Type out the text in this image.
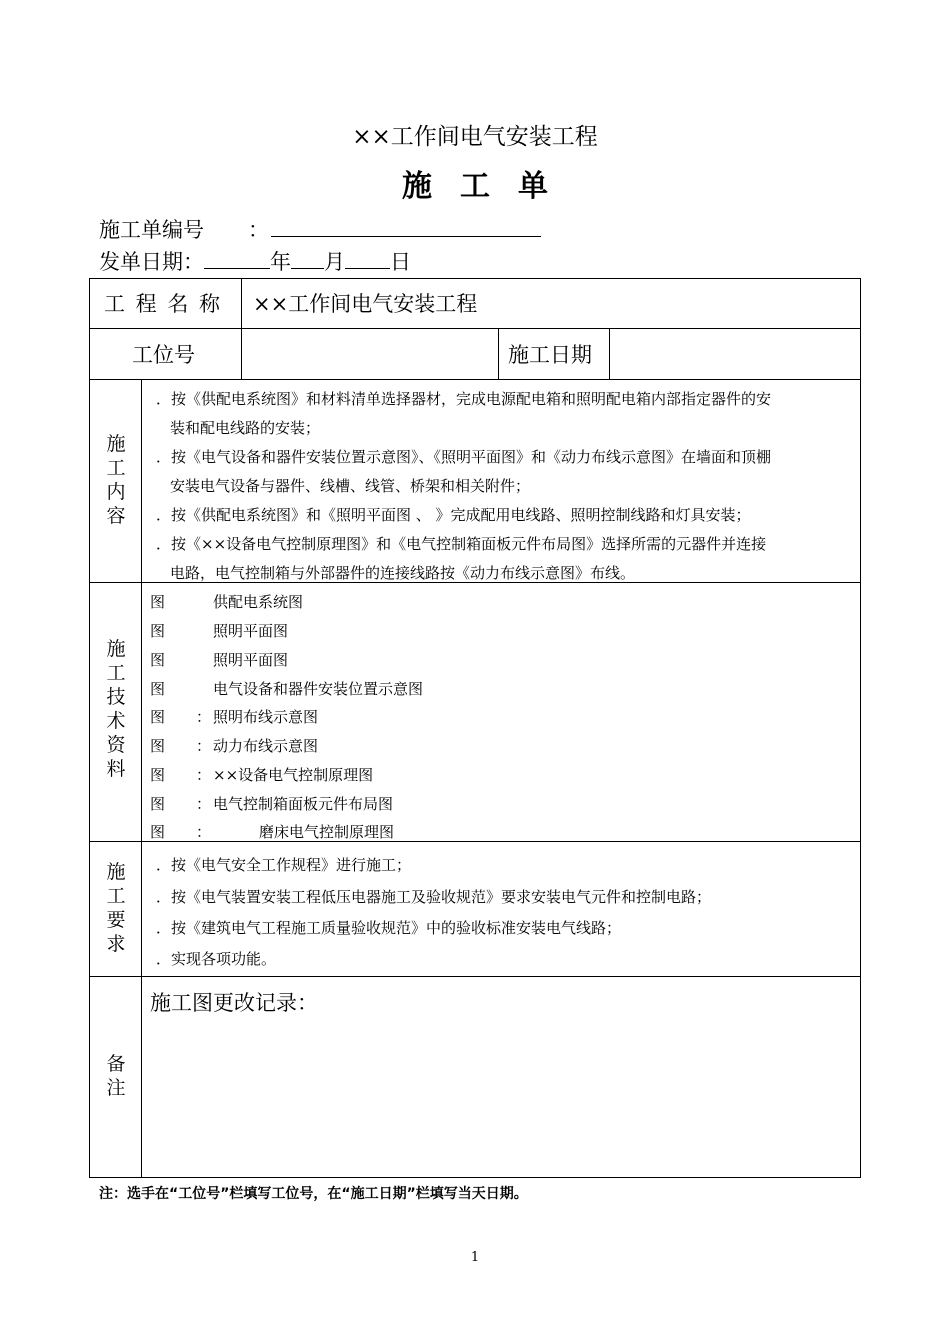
××工作间电气安装工程
施工单
施工单编号 ：
发单日期：	年 月 日
工 程 名 称 ××工作间电气安装工程
工位号	施工日期
施
工
内
容
．按《供配电系统图》和材料清单选择器材，完成电源配电箱和照明配电箱内部指定器件的安
装和配电线路的安装；
．按《电气设备和器件安装位置示意图》、《照明平面图》和《动力布线示意图》在墙面和顶棚
安装电气设备与器件、线槽、线管、桥架和相关附件；
．按《供配电系统图》和《照明平面图 、 》完成配用电线路、照明控制线路和灯具安装；
．按《××设备电气控制原理图》和《电气控制箱面板元件布局图》选择所需的元器件并连接
电路，电气控制箱与外部器件的连接线路按《动力布线示意图》布线。
施
工
技
术
资
料
图	供配电系统图
图	照明平面图
图	照明平面图
图	电气设备和器件安装位置示意图
图 ： 照明布线示意图
图 ： 动力布线示意图
图 ： ××设备电气控制原理图
图 ： 电气控制箱面板元件布局图
图 ：	磨床电气控制原理图
施
工
要
求
．按《电气安全工作规程》进行施工；
．按《电气装置安装工程低压电器施工及验收规范》要求安装电气元件和控制电路；
．按《建筑电气工程施工质量验收规范》中的验收标准安装电气线路；
．实现各项功能。
备
注
施工图更改记录：
注：选手在“工位号”栏填写工位号，在“施工日期”栏填写当天日期。
1
